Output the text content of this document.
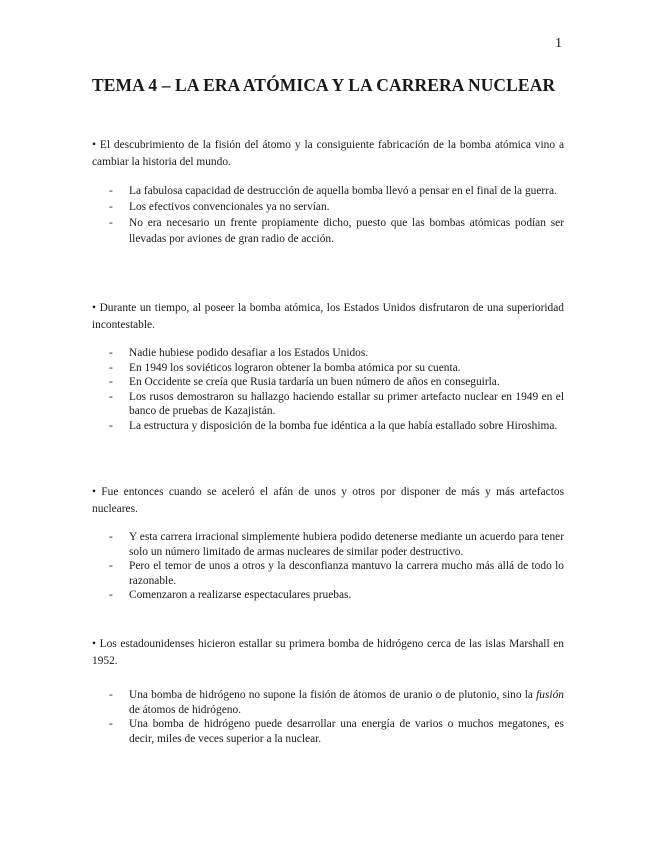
1
TEMA 4 – LA ERA ATÓMICA Y LA CARRERA NUCLEAR

• El descubrimiento de la fisión del átomo y la consiguiente fabricación de la bomba atómica vino a cambiar la historia del mundo.

- La fabulosa capacidad de destrucción de aquella bomba llevó a pensar en el final de la guerra.
- Los efectivos convencionales ya no servían.
- No era necesario un frente propiamente dicho, puesto que las bombas atómicas podían ser llevadas por aviones de gran radio de acción.

• Durante un tiempo, al poseer la bomba atómica, los Estados Unidos disfrutaron de una superioridad incontestable.

- Nadie hubiese podido desafiar a los Estados Unidos.
- En 1949 los soviéticos lograron obtener la bomba atómica por su cuenta.
- En Occidente se creía que Rusia tardaría un buen número de años en conseguirla.
- Los rusos demostraron su hallazgo haciendo estallar su primer artefacto nuclear en 1949 en el banco de pruebas de Kazajistán.
- La estructura y disposición de la bomba fue idéntica a la que había estallado sobre Hiroshima.

• Fue entonces cuando se aceleró el afán de unos y otros por disponer de más y más artefactos nucleares.

- Y esta carrera irracional simplemente hubiera podido detenerse mediante un acuerdo para tener solo un número limitado de armas nucleares de similar poder destructivo.
- Pero el temor de unos a otros y la desconfianza mantuvo la carrera mucho más allá de todo lo razonable.
- Comenzaron a realizarse espectaculares pruebas.

• Los estadounidenses hicieron estallar su primera bomba de hidrógeno cerca de las islas Marshall en 1952.

- Una bomba de hidrógeno no supone la fisión de átomos de uranio o de plutonio, sino la fusión de átomos de hidrógeno.
- Una bomba de hidrógeno puede desarrollar una energía de varios o muchos megatones, es decir, miles de veces superior a la nuclear.
